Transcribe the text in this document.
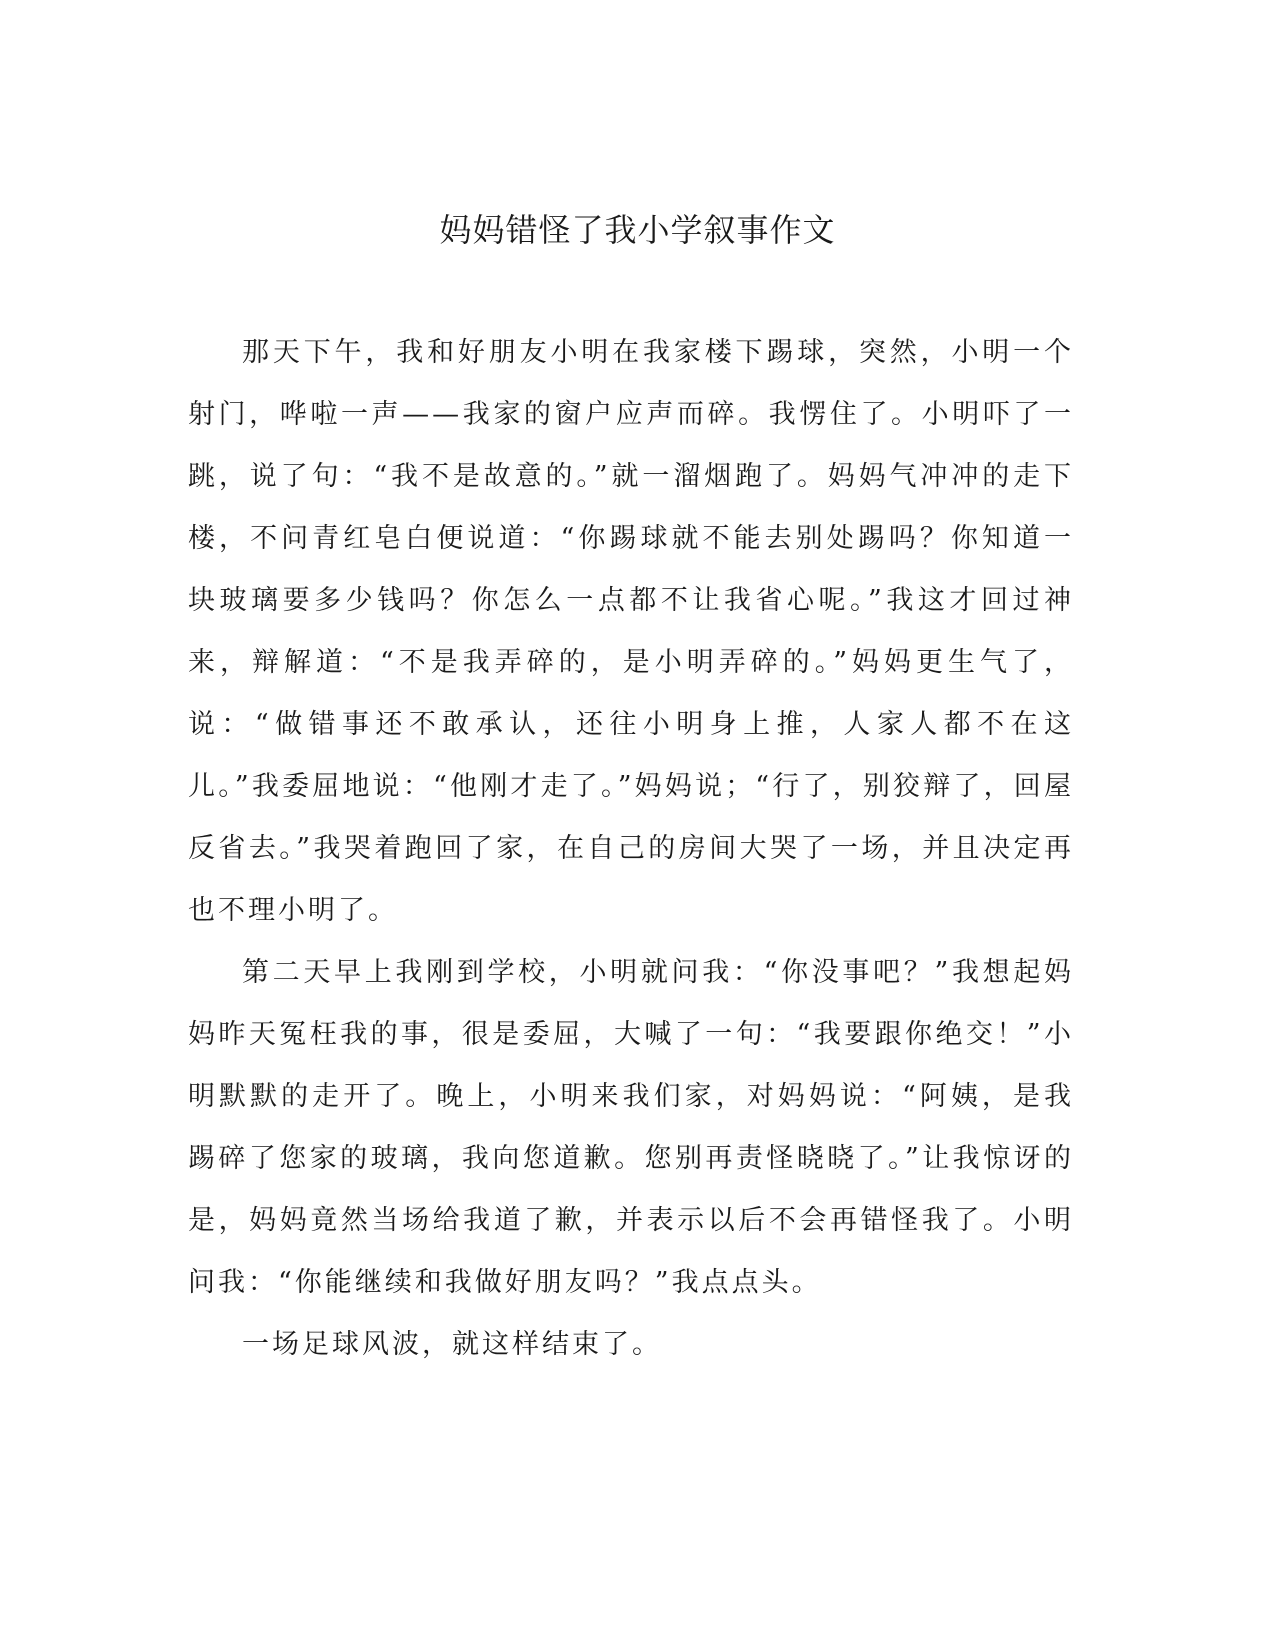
妈妈错怪了我小学叙事作文

那天下午，我和好朋友小明在我家楼下踢球，突然，小明一个射门，哗啦一声——我家的窗户应声而碎。我愣住了。小明吓了一跳，说了句：“我不是故意的。”就一溜烟跑了。妈妈气冲冲的走下楼，不问青红皂白便说道：“你踢球就不能去别处踢吗？你知道一块玻璃要多少钱吗？你怎么一点都不让我省心呢。”我这才回过神来，辩解道：“不是我弄碎的，是小明弄碎的。”妈妈更生气了，说：“做错事还不敢承认，还往小明身上推，人家人都不在这儿。”我委屈地说：“他刚才走了。”妈妈说；“行了，别狡辩了，回屋反省去。”我哭着跑回了家，在自己的房间大哭了一场，并且决定再也不理小明了。

第二天早上我刚到学校，小明就问我：“你没事吧？”我想起妈妈昨天冤枉我的事，很是委屈，大喊了一句：“我要跟你绝交！”小明默默的走开了。晚上，小明来我们家，对妈妈说：“阿姨，是我踢碎了您家的玻璃，我向您道歉。您别再责怪晓晓了。”让我惊讶的是，妈妈竟然当场给我道了歉，并表示以后不会再错怪我了。小明问我：“你能继续和我做好朋友吗？”我点点头。

一场足球风波，就这样结束了。
